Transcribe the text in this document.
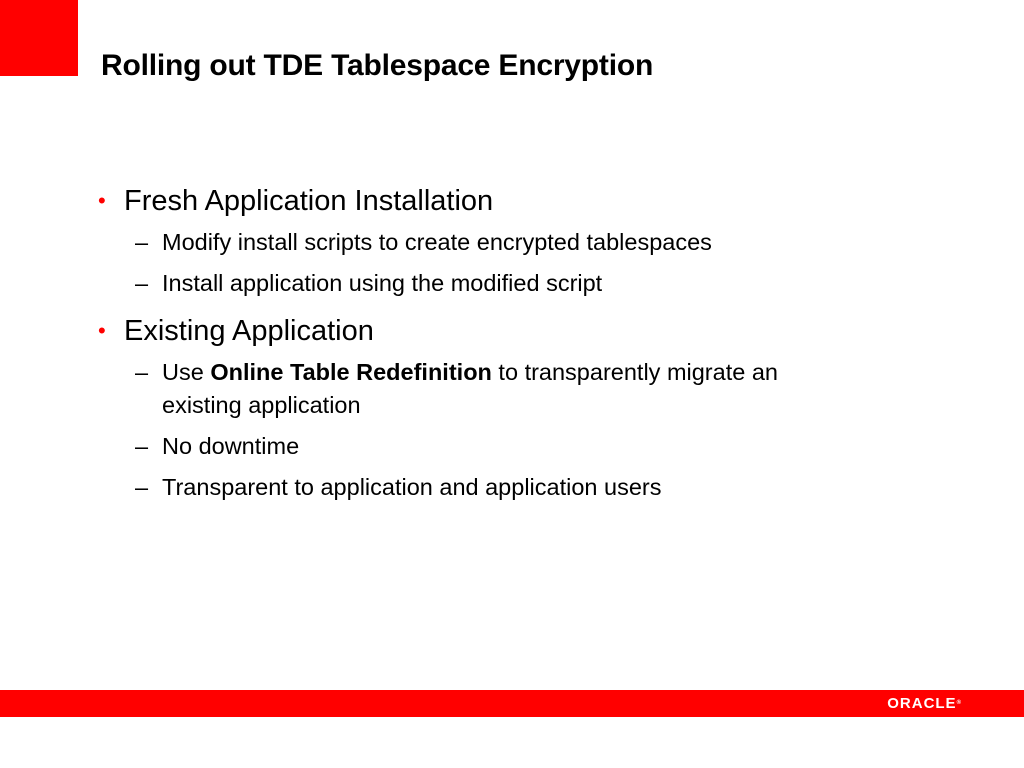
Rolling out TDE Tablespace Encryption
• Fresh Application Installation
– Modify install scripts to create encrypted tablespaces
– Install application using the modified script
• Existing Application
– Use Online Table Redefinition to transparently migrate an
existing application
– No downtime
– Transparent to application and application users
ORACLE®
